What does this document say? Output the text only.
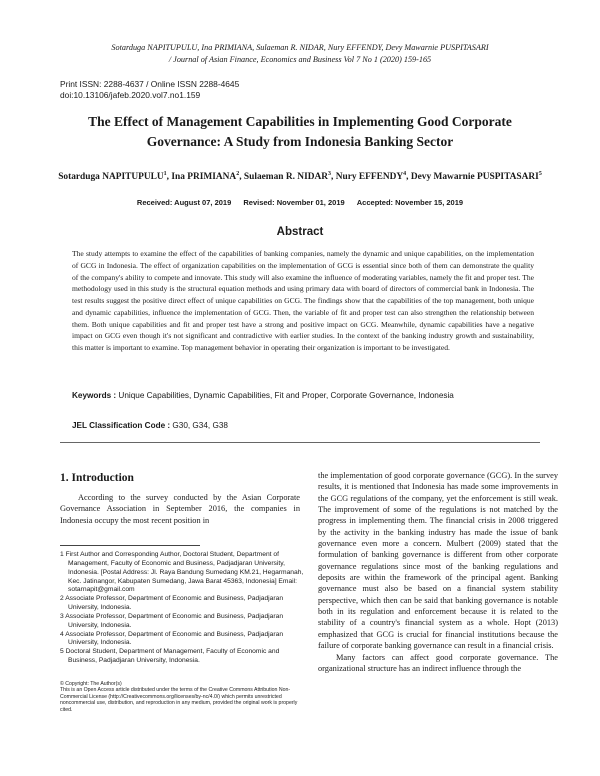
Sotarduga NAPITUPULU, Ina PRIMIANA, Sulaeman R. NIDAR, Nury EFFENDY, Devy Mawarnie PUSPITASARI
/ Journal of Asian Finance, Economics and Business Vol 7 No 1 (2020) 159-165
Print ISSN: 2288-4637 / Online ISSN 2288-4645
doi:10.13106/jafeb.2020.vol7.no1.159
The Effect of Management Capabilities in Implementing Good Corporate Governance: A Study from Indonesia Banking Sector
Sotarduga NAPITUPULU$^1$, Ina PRIMIANA$^2$, Sulaeman R. NIDAR$^3$, Nury EFFENDY$^4$, Devy Mawarnie PUSPITASARI$^5$
Received: August 07, 2019 Revised: November 01, 2019 Accepted: November 15, 2019
Abstract

The study attempts to examine the effect of the capabilities of banking companies, namely the dynamic and unique capabilities, on the implementation of GCG in Indonesia. The effect of organization capabilities on the implementation of GCG is essential since both of them can demonstrate the quality of the company's ability to compete and innovate. This study will also examine the influence of moderating variables, namely the fit and proper test. The methodology used in this study is the structural equation methods and using primary data with board of directors of commercial bank in Indonesia. The test results suggest the positive direct effect of unique capabilities on GCG. The findings show that the capabilities of the top management, both unique and dynamic capabilities, influence the implementation of GCG. Then, the variable of fit and proper test can also strengthen the relationship between them. Both unique capabilities and fit and proper test have a strong and positive impact on GCG. Meanwhile, dynamic capabilities have a negative impact on GCG even though it's not significant and contradictive with earlier studies. In the context of the banking industry growth and sustainability, this matter is important to examine. Top management behavior in operating their organization is important to be investigated.

Keywords : Unique Capabilities, Dynamic Capabilities, Fit and Proper, Corporate Governance, Indonesia
JEL Classification Code : G30, G34, G38
1. Introduction

According to the survey conducted by the Asian Corporate Governance Association in September 2016, the companies in Indonesia occupy the most recent position in

1 First Author and Corresponding Author, Doctoral Student, Department of Management, Faculty of Economic and Business, Padjadjaran University, Indonesia. [Postal Address: Jl. Raya Bandung Sumedang KM.21, Hegarmanah, Kec. Jatinangor, Kabupaten Sumedang, Jawa Barat 45363, Indonesia] Email: sotarnapit@gmail.com
2 Associate Professor, Department of Economic and Business, Padjadjaran University, Indonesia.
3 Associate Professor, Department of Economic and Business, Padjadjaran University, Indonesia.
4 Associate Professor, Department of Economic and Business, Padjadjaran University, Indonesia.
5 Doctoral Student, Department of Management, Faculty of Economic and Business, Padjadjaran University, Indonesia.

© Copyright: The Author(s)
This is an Open Access article distributed under the terms of the Creative Commons Attribution Non-Commercial License (http://Creativecommons.org/licenses/by-nc/4.0/) which permits unrestricted noncommercial use, distribution, and reproduction in any medium, provided the original work is properly cited.

the implementation of good corporate governance (GCG). In the survey results, it is mentioned that Indonesia has made some improvements in the GCG regulations of the company, yet the enforcement is still weak. The improvement of some of the regulations is not matched by the progress in implementing them. The financial crisis in 2008 triggered by the activity in the banking industry has made the issue of bank governance even more a concern. Mulbert (2009) stated that the formulation of banking governance is different from other corporate governance regulations since most of the banking regulations and deposits are within the framework of the principal agent. Banking governance must also be based on a financial system stability perspective, which then can be said that banking governance is notable both in its regulation and enforcement because it is related to the stability of a country's financial system as a whole. Hopt (2013) emphasized that GCG is crucial for financial institutions because the failure of corporate banking governance can result in a financial crisis.

Many factors can affect good corporate governance. The organizational structure has an indirect influence through the
